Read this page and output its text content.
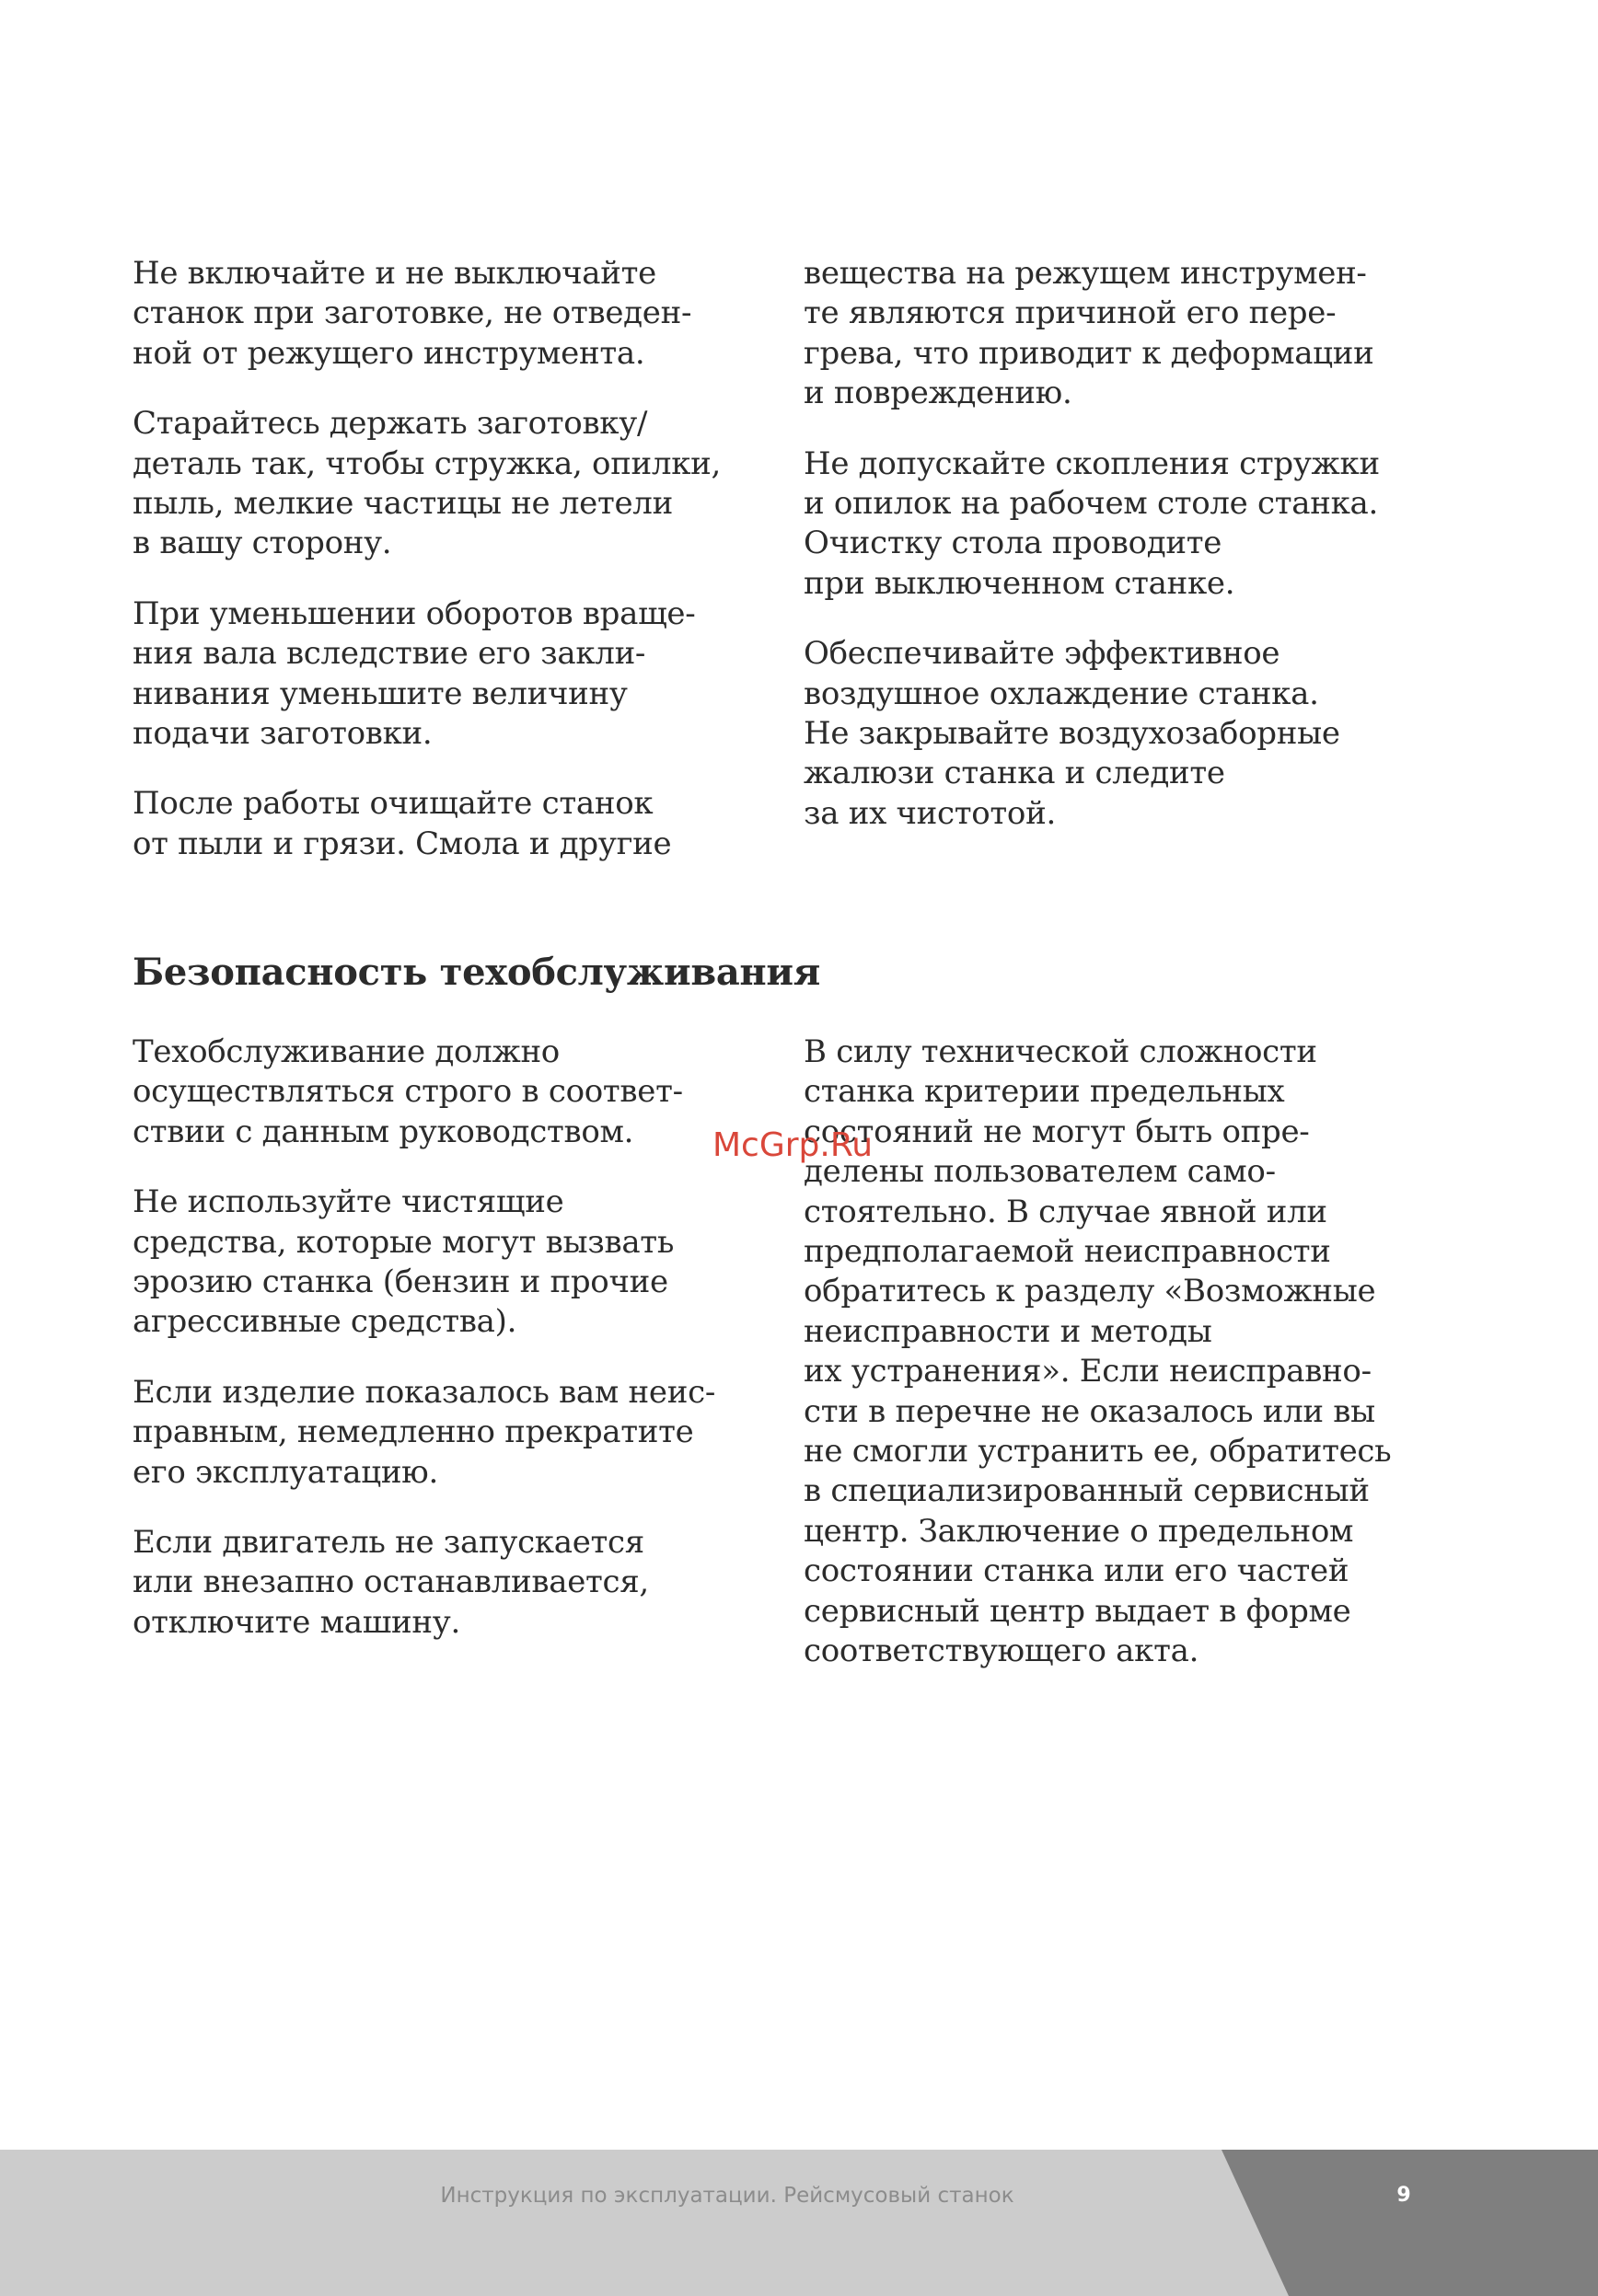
Не включайте и не выключайте
станок при заготовке, не отведен-
ной от режущего инструмента.

Старайтесь держать заготовку/
деталь так, чтобы стружка, опилки,
пыль, мелкие частицы не летели
в вашу сторону.

При уменьшении оборотов враще-
ния вала вследствие его закли-
нивания уменьшите величину
подачи заготовки.

После работы очищайте станок
от пыли и грязи. Смола и другие

вещества на режущем инструмен-
те являются причиной его пере-
грева, что приводит к деформации
и повреждению.

Не допускайте скопления стружки
и опилок на рабочем столе станка.
Очистку стола проводите
при выключенном станке.

Обеспечивайте эффективное
воздушное охлаждение станка.
Не закрывайте воздухозаборные
жалюзи станка и следите
за их чистотой.

Безопасность техобслуживания

Техобслуживание должно
осуществляться строго в соответ-
ствии с данным руководством.

Не используйте чистящие
средства, которые могут вызвать
эрозию станка (бензин и прочие
агрессивные средства).

Если изделие показалось вам неис-
правным, немедленно прекратите
его эксплуатацию.

Если двигатель не запускается
или внезапно останавливается,
отключите машину.

В силу технической сложности
станка критерии предельных
состояний не могут быть опре-
делены пользователем само-
стоятельно. В случае явной или
предполагаемой неисправности
обратитесь к разделу «Возможные
неисправности и методы
их устранения». Если неисправно-
сти в перечне не оказалось или вы
не смогли устранить ее, обратитесь
в специализированный сервисный
центр. Заключение о предельном
состоянии станка или его частей
сервисный центр выдает в форме
соответствующего акта.

McGrp.Ru
Инструкция по эксплуатации. Рейсмусовый станок	9
